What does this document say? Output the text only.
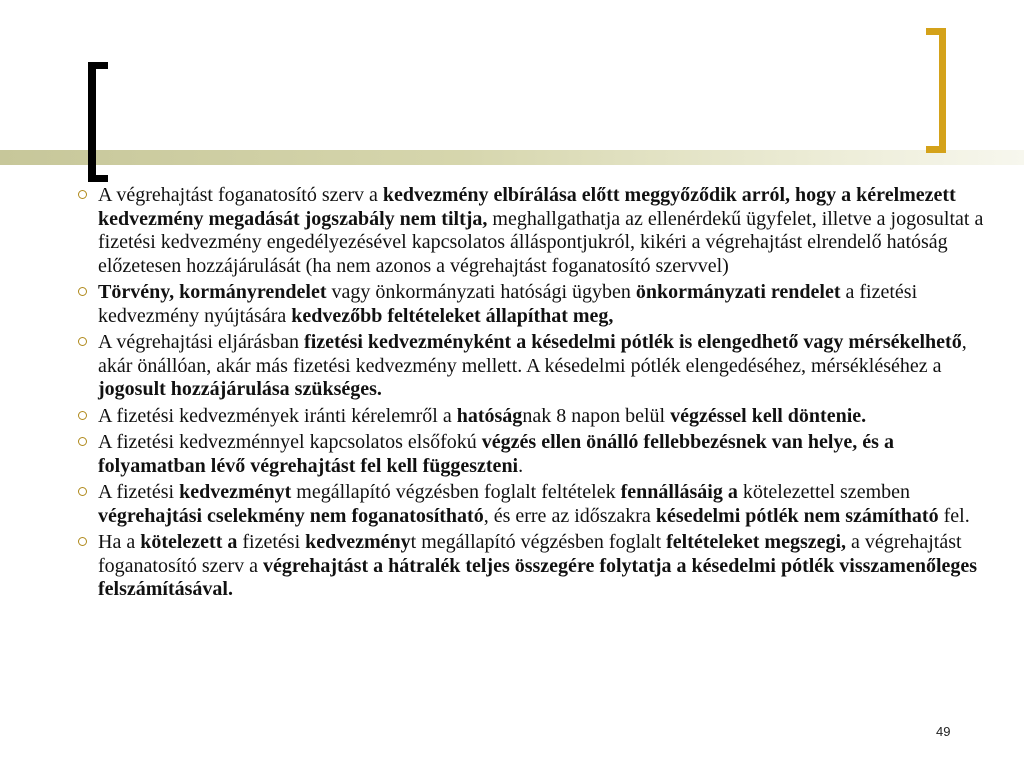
A végrehajtást foganatosító szerv a kedvezmény elbírálása előtt meggyőződik arról, hogy a kérelmezett kedvezmény megadását jogszabály nem tiltja, meghallgathatja az ellenérdekű ügyfelet, illetve a jogosultat a fizetési kedvezmény engedélyezésével kapcsolatos álláspontjukról, kikéri a végrehajtást elrendelő hatóság előzetesen hozzájárulását (ha nem azonos a végrehajtást foganatosító szervvel)
Törvény, kormányrendelet vagy önkormányzati hatósági ügyben önkormányzati rendelet a fizetési kedvezmény nyújtására kedvezőbb feltételeket állapíthat meg,
A végrehajtási eljárásban fizetési kedvezményként a késedelmi pótlék is elengedhető vagy mérsékelhető, akár önállóan, akár más fizetési kedvezmény mellett. A késedelmi pótlék elengedéséhez, mérsékléséhez a jogosult hozzájárulása szükséges.
A fizetési kedvezmények iránti kérelemről a hatóságnak 8 napon belül végzéssel kell döntenie.
A fizetési kedvezménnyel kapcsolatos elsőfokú végzés ellen önálló fellebbezésnek van helye, és a folyamatban lévő végrehajtást fel kell függeszteni.
A fizetési kedvezményt megállapító végzésben foglalt feltételek fennállásáig a kötelezettel szemben végrehajtási cselekmény nem foganatosítható, és erre az időszakra késedelmi pótlék nem számítható fel.
Ha a kötelezett a fizetési kedvezményt megállapító végzésben foglalt feltételeket megszegi, a végrehajtást foganatosító szerv a végrehajtást a hátralék teljes összegére folytatja a késedelmi pótlék visszamenőleges felszámításával.
49
